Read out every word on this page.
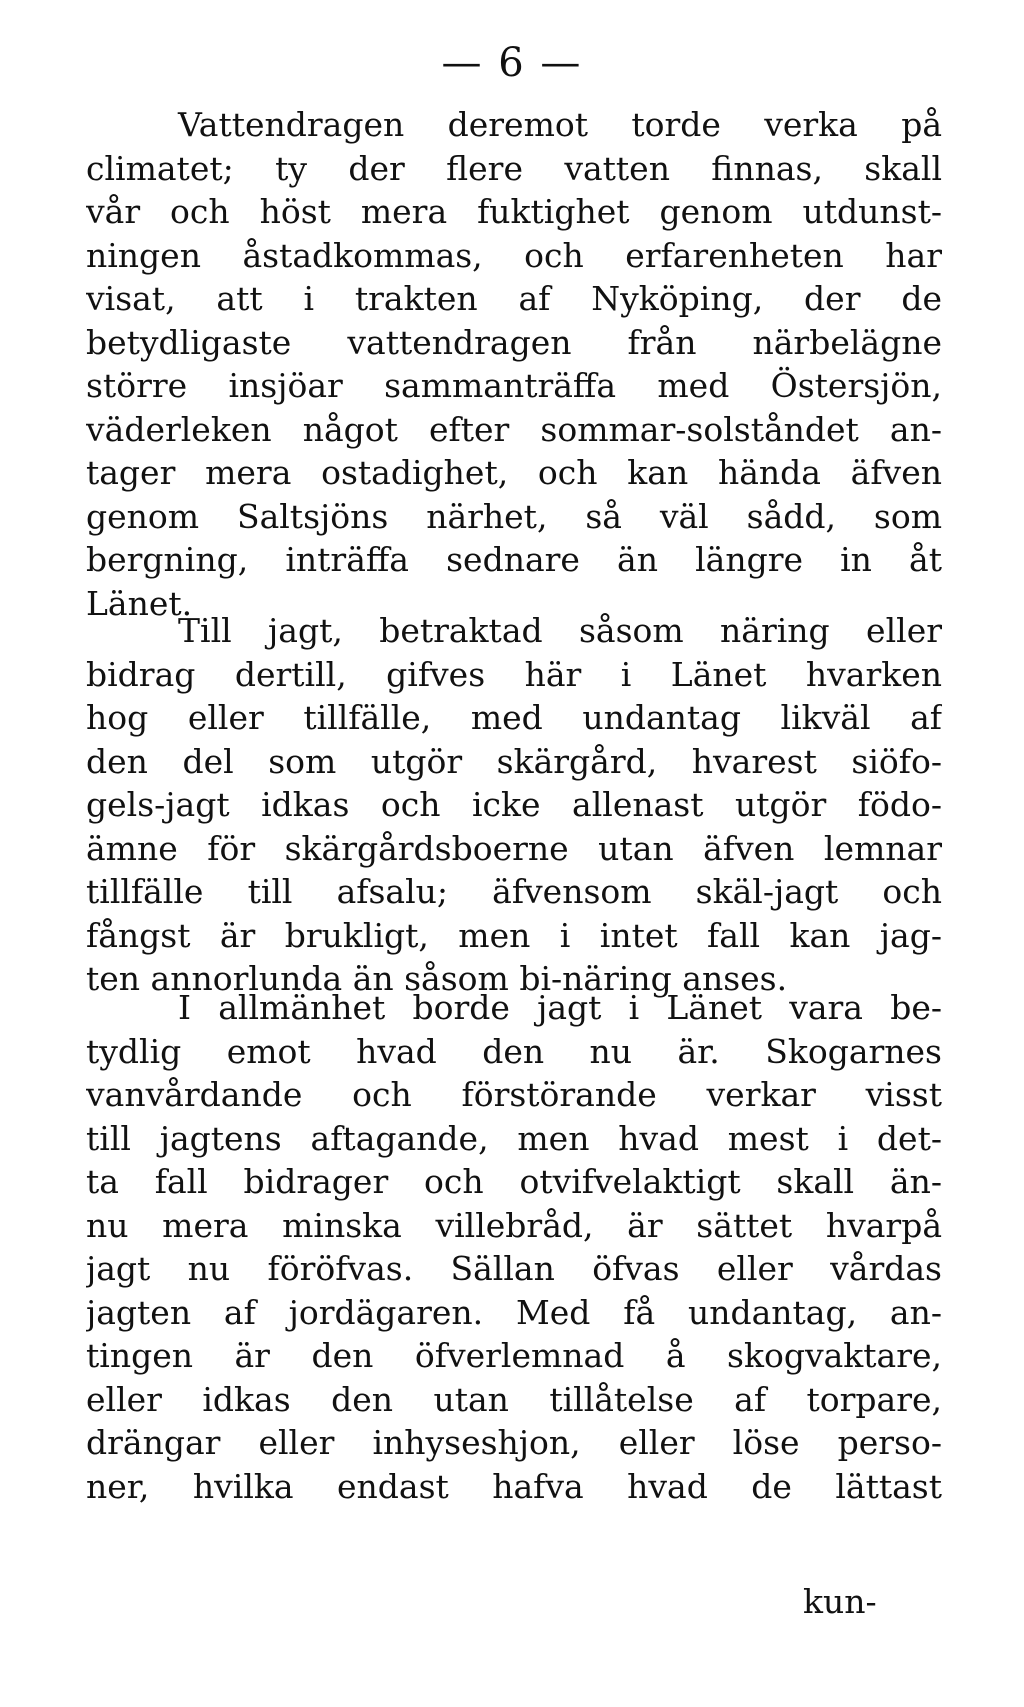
— 6 —
Vattendragen deremot torde verka på
climatet; ty der flere vatten finnas, skall
vår och höst mera fuktighet genom utdunst-
ningen åstadkommas, och erfarenheten har
visat, att i trakten af Nyköping, der de
betydligaste vattendragen från närbelägne
större insjöar sammanträffa med Östersjön,
väderleken något efter sommar-solståndet an-
tager mera ostadighet, och kan hända äfven
genom Saltsjöns närhet, så väl sådd, som
bergning, inträffa sednare än längre in åt
Länet.
Till jagt, betraktad såsom näring eller
bidrag dertill, gifves här i Länet hvarken
hog eller tillfälle, med undantag likväl af
den del som utgör skärgård, hvarest siöfo-
gels-jagt idkas och icke allenast utgör födo-
ämne för skärgårdsboerne utan äfven lemnar
tillfälle till afsalu; äfvensom skäl-jagt och
fångst är brukligt, men i intet fall kan jag-
ten annorlunda än såsom bi-näring anses.
I allmänhet borde jagt i Länet vara be-
tydlig emot hvad den nu är. Skogarnes
vanvårdande och förstörande verkar visst
till jagtens aftagande, men hvad mest i det-
ta fall bidrager och otvifvelaktigt skall än-
nu mera minska villebråd, är sättet hvarpå
jagt nu föröfvas. Sällan öfvas eller vårdas
jagten af jordägaren. Med få undantag, an-
tingen är den öfverlemnad å skogvaktare,
eller idkas den utan tillåtelse af torpare,
drängar eller inhyseshjon, eller löse perso-
ner, hvilka endast hafva hvad de lättast
kun-
